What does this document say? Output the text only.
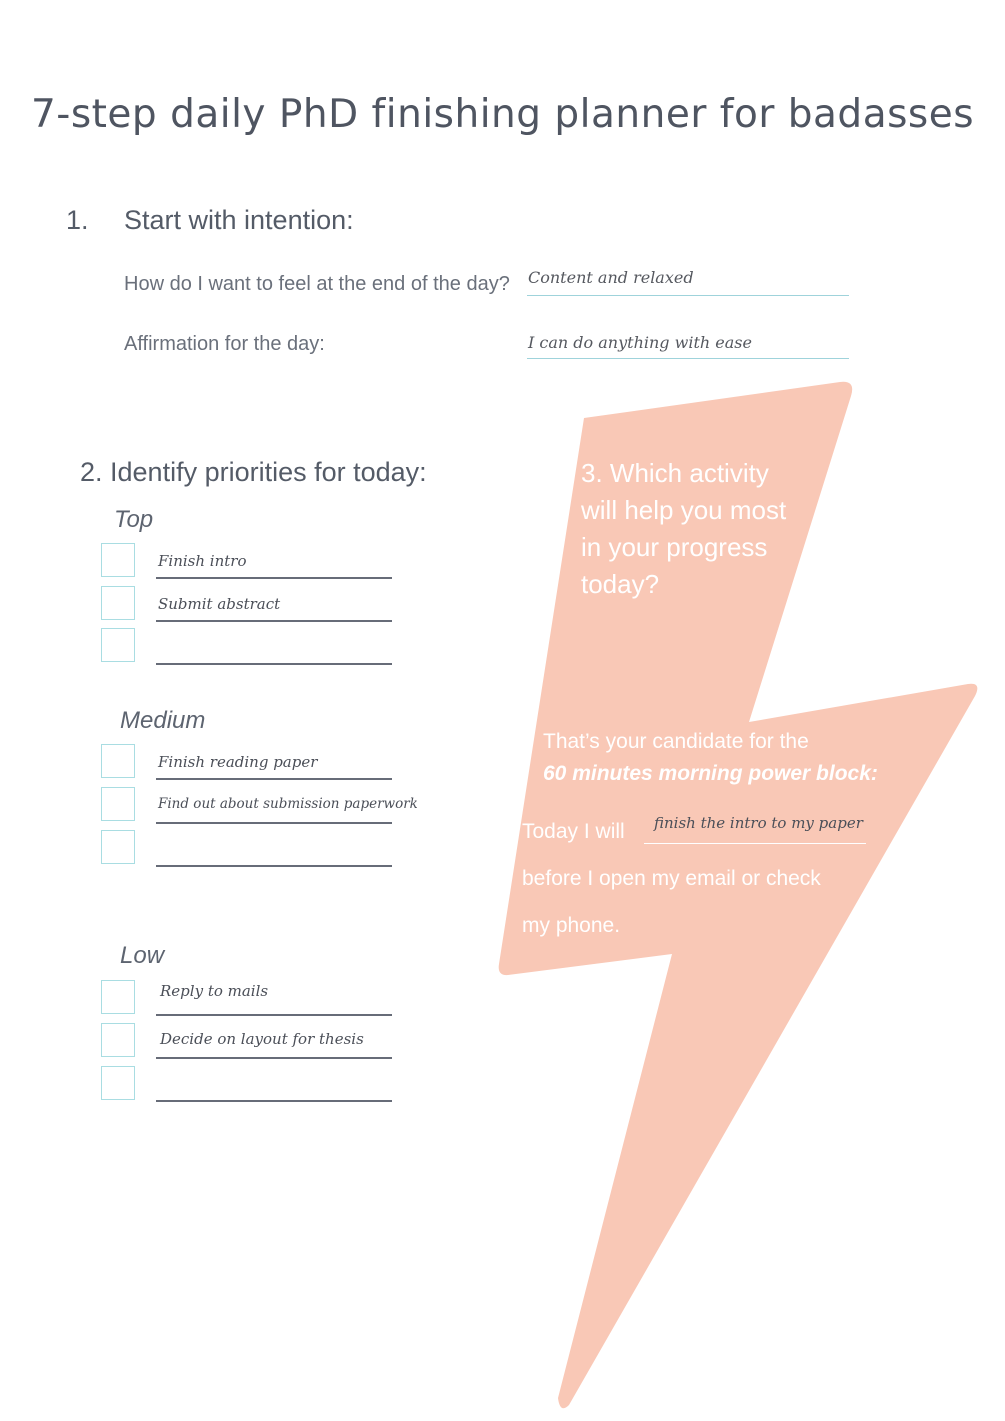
7-step daily PhD finishing planner for badasses
1. Start with intention:
How do I want to feel at the end of the day? Content and relaxed
Affirmation for the day:	I can do anything with ease
2. Identify priorities for today:
Top
Finish intro
Submit abstract
Medium
Finish reading paper
Find out about submission paperwork
Low
Reply to mails
Decide on layout for thesis
3. Which activity
will help you most
in your progress
today?
That’s your candidate for the
60 minutes morning power block:
Today I will finish the intro to my paper
before I open my email or check
my phone.
